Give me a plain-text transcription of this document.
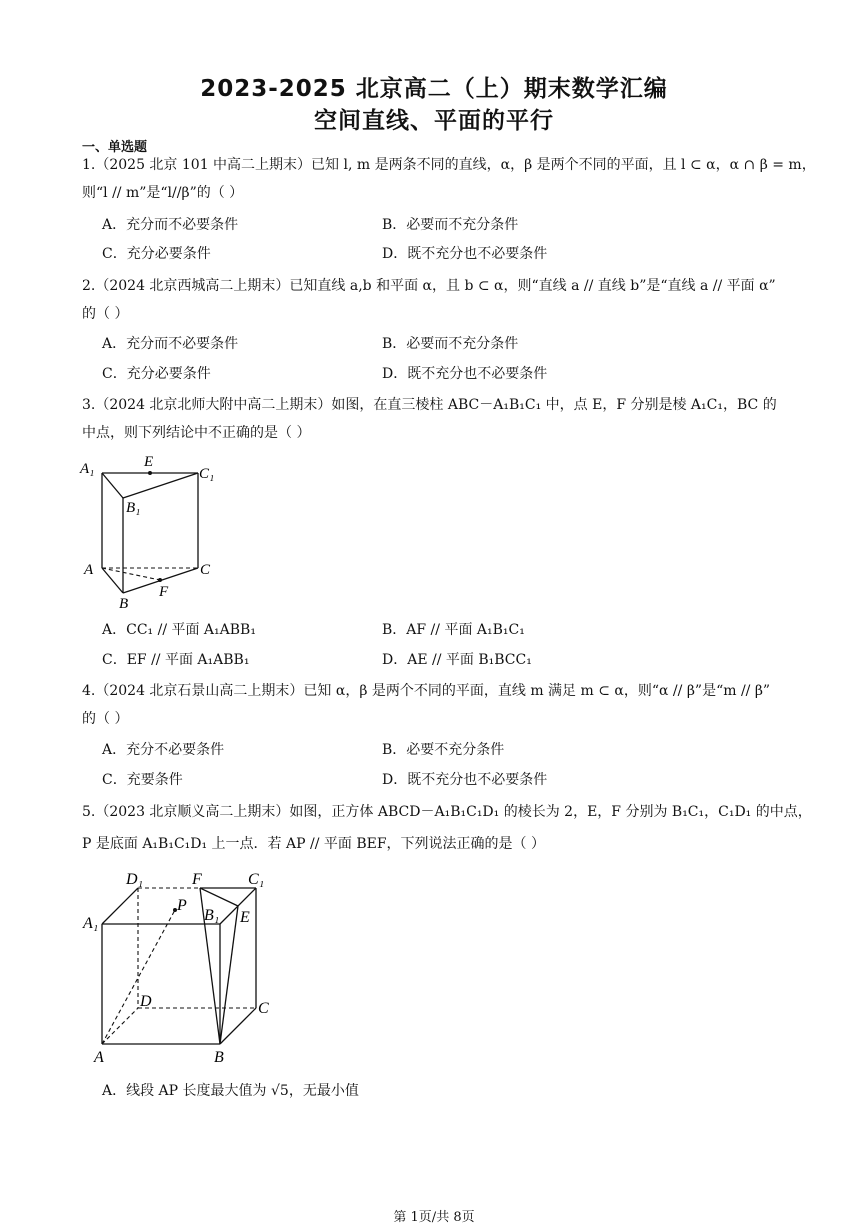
2023-2025 北京高二（上）期末数学汇编
空间直线、平面的平行
一、单选题
1.（2025 北京 101 中高二上期末）已知 l, m 是两条不同的直线，α，β 是两个不同的平面，且 l ⊂ α，α ∩ β = m，
则“l // m”是“l//β”的（ ）
A．充分而不必要条件	B．必要而不充分条件
C．充分必要条件	D．既不充分也不必要条件
2.（2024 北京西城高二上期末）已知直线 a,b 和平面 α，且 b ⊂ α，则“直线 a // 直线 b”是“直线 a // 平面 α”
的（ ）
A．充分而不必要条件	B．必要而不充分条件
C．充分必要条件	D．既不充分也不必要条件
3.（2024 北京北师大附中高二上期末）如图，在直三棱柱 ABC－A₁B₁C₁ 中，点 E，F 分别是棱 A₁C₁，BC 的
中点，则下列结论中不正确的是（ ）
A₁	E
C₁
B₁
A	C
F
B
A．CC₁ // 平面 A₁ABB₁	B．AF // 平面 A₁B₁C₁
C．EF // 平面 A₁ABB₁	D．AE // 平面 B₁BCC₁
4.（2024 北京石景山高二上期末）已知 α，β 是两个不同的平面，直线 m 满足 m ⊂ α，则“α // β”是“m // β”
的（ ）
A．充分不必要条件	B．必要不充分条件
C．充要条件	D．既不充分也不必要条件
5.（2023 北京顺义高二上期末）如图，正方体 ABCD－A₁B₁C₁D₁ 的棱长为 2，E，F 分别为 B₁C₁，C₁D₁ 的中点，
P 是底面 A₁B₁C₁D₁ 上一点．若 AP // 平面 BEF，下列说法正确的是（ ）
D₁	F	C₁
P
B₁ E
A₁
D	C
A	B
A．线段 AP 长度最大值为 √5，无最小值
第 1页/共 8页
